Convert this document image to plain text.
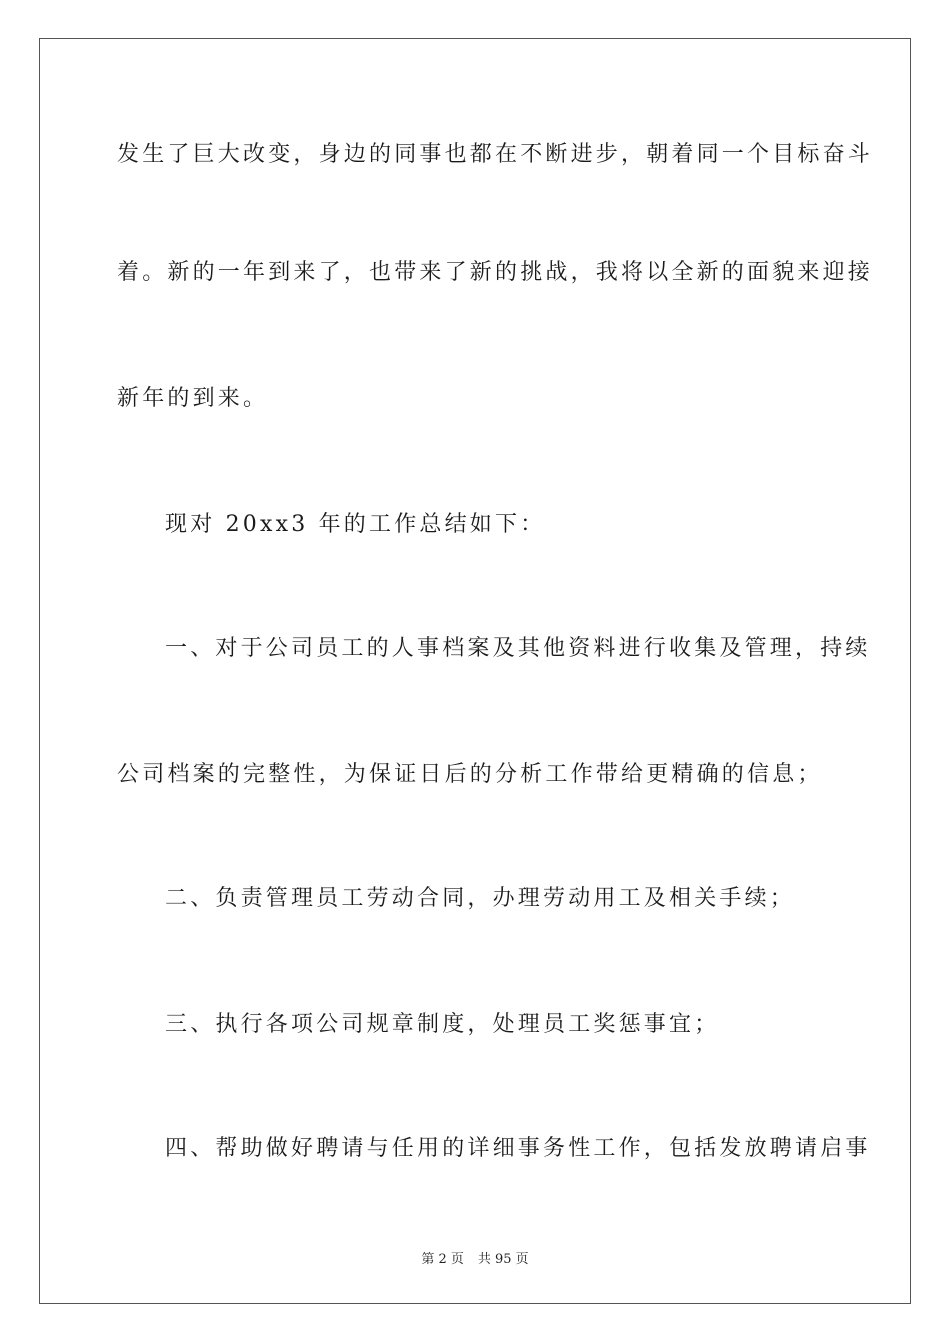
发生了巨大改变，身边的同事也都在不断进步，朝着同一个目标奋斗
着。新的一年到来了，也带来了新的挑战，我将以全新的面貌来迎接
新年的到来。
现对 20xx3 年的工作总结如下：
一、对于公司员工的人事档案及其他资料进行收集及管理，持续
公司档案的完整性，为保证日后的分析工作带给更精确的信息；
二、负责管理员工劳动合同，办理劳动用工及相关手续；
三、执行各项公司规章制度，处理员工奖惩事宜；
四、帮助做好聘请与任用的详细事务性工作，包括发放聘请启事
第 2 页 共 95 页
